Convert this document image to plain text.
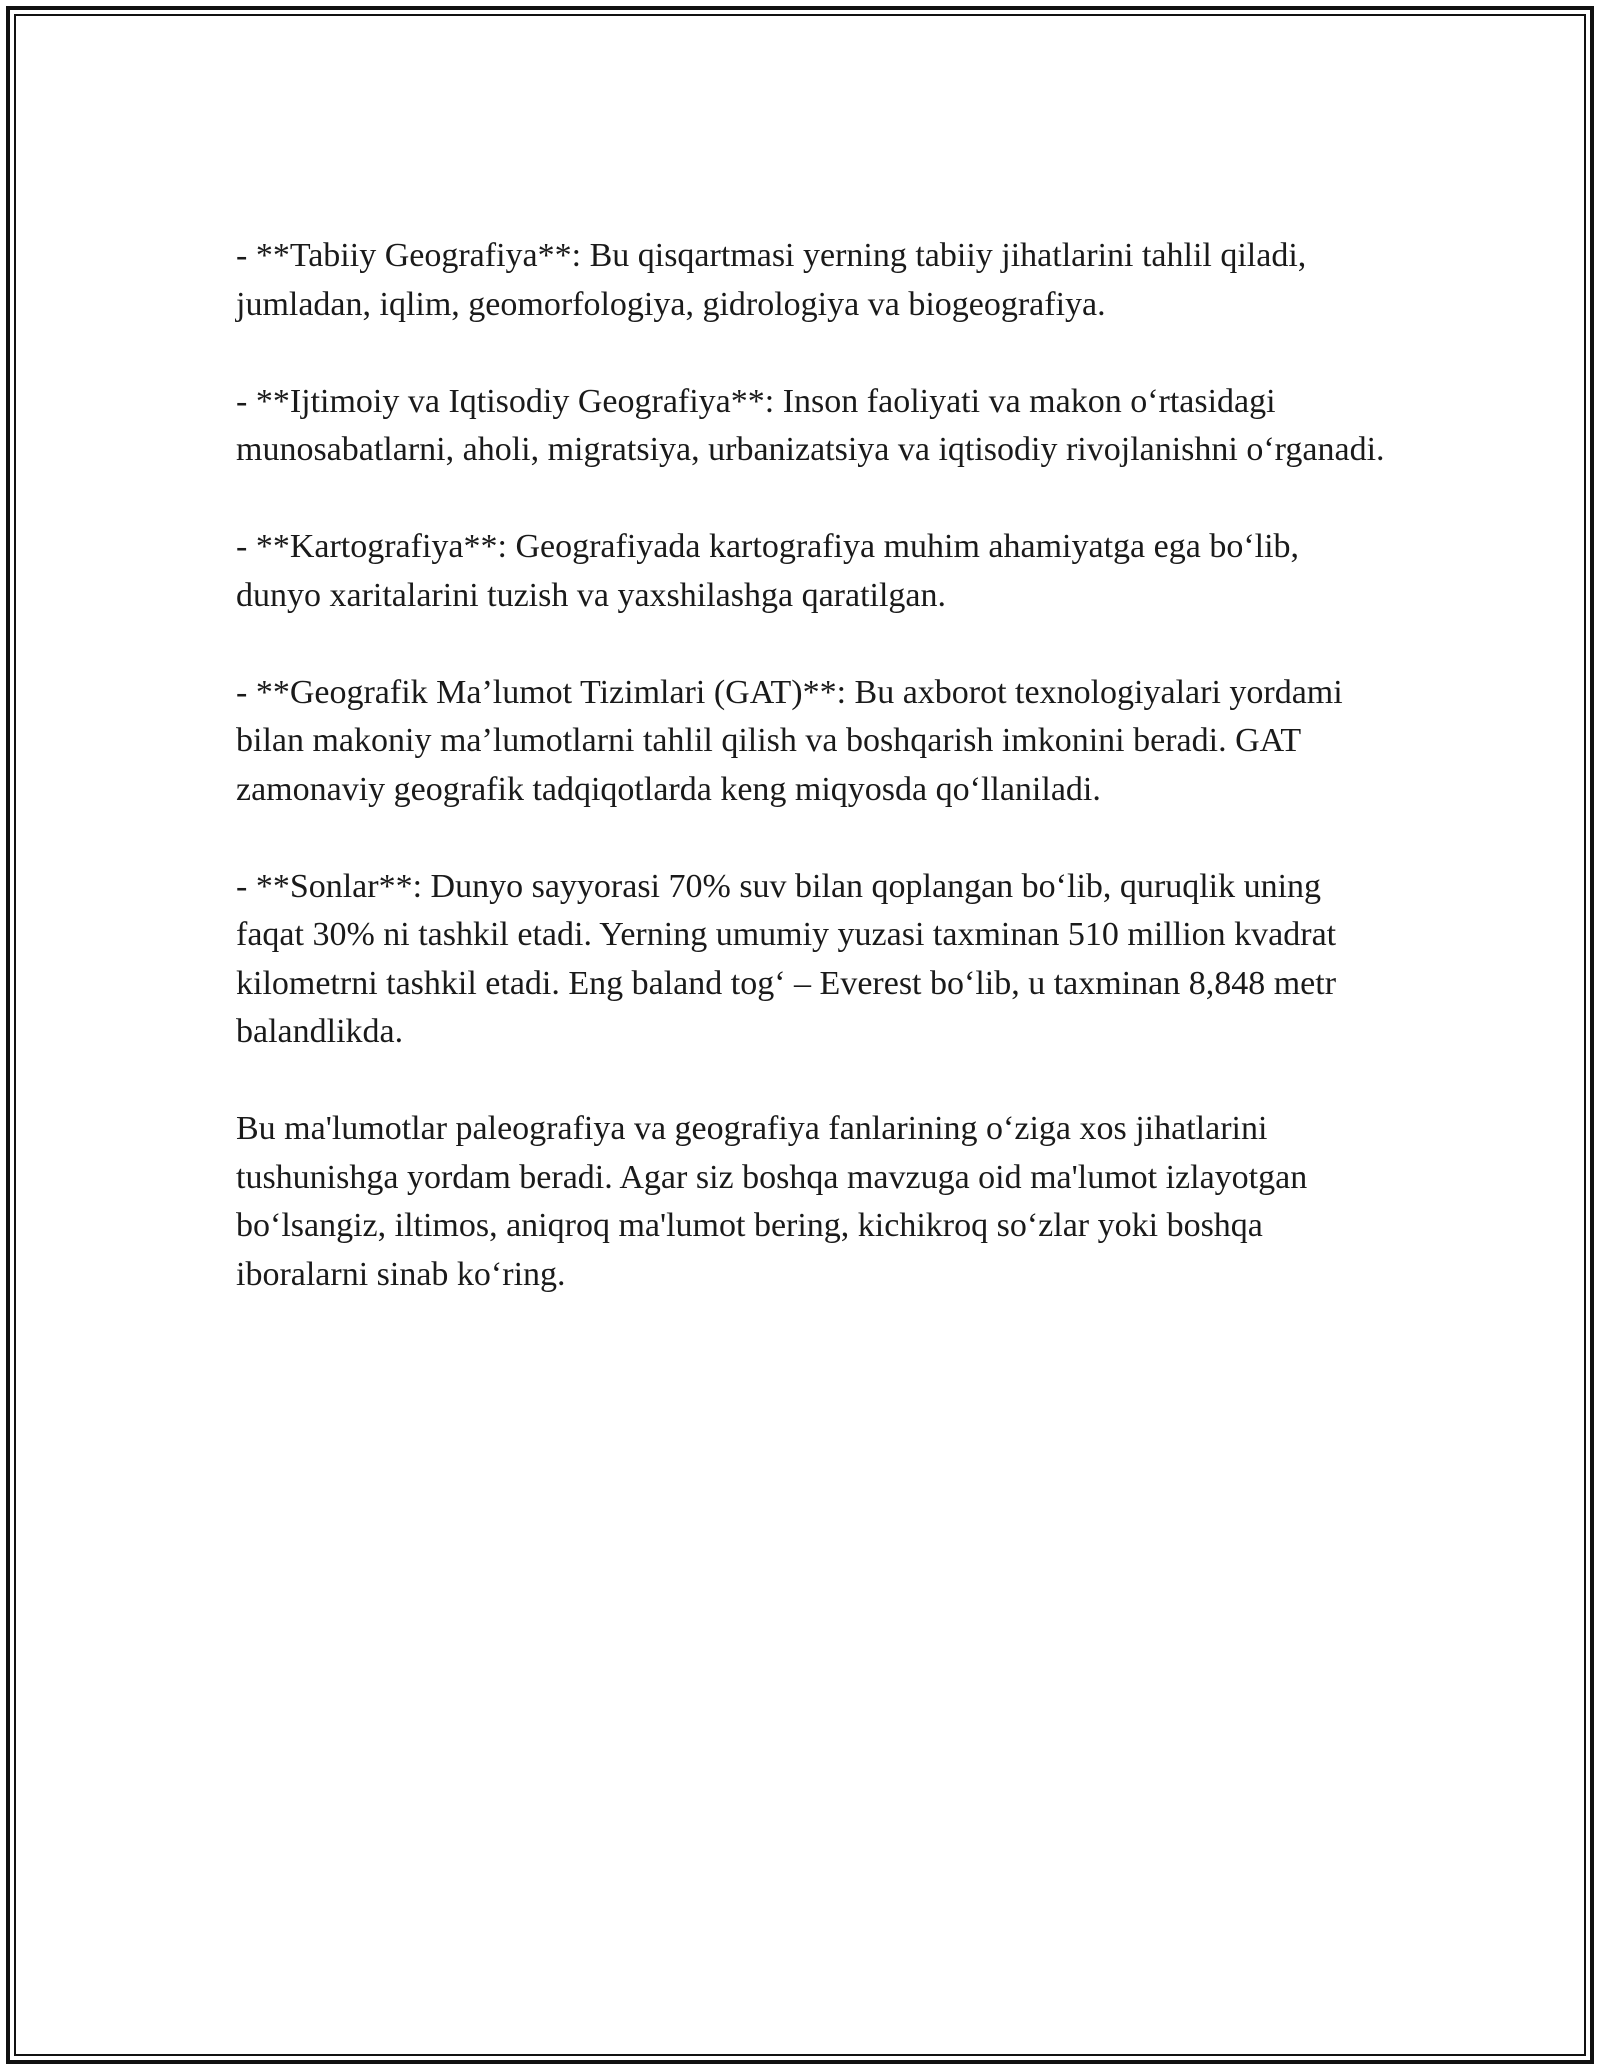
- **Tabiiy Geografiya**: Bu qisqartmasi yerning tabiiy jihatlarini tahlil qiladi, jumladan, iqlim, geomorfologiya, gidrologiya va biogeografiya.

- **Ijtimoiy va Iqtisodiy Geografiya**: Inson faoliyati va makon o‘rtasidagi munosabatlarni, aholi, migratsiya, urbanizatsiya va iqtisodiy rivojlanishni o‘rganadi.

- **Kartografiya**: Geografiyada kartografiya muhim ahamiyatga ega bo‘lib, dunyo xaritalarini tuzish va yaxshilashga qaratilgan.

- **Geografik Ma’lumot Tizimlari (GAT)**: Bu axborot texnologiyalari yordami bilan makoniy ma’lumotlarni tahlil qilish va boshqarish imkonini beradi. GAT zamonaviy geografik tadqiqotlarda keng miqyosda qo‘llaniladi.

- **Sonlar**: Dunyo sayyorasi 70% suv bilan qoplangan bo‘lib, quruqlik uning faqat 30% ni tashkil etadi. Yerning umumiy yuzasi taxminan 510 million kvadrat kilometrni tashkil etadi. Eng baland tog‘ – Everest bo‘lib, u taxminan 8,848 metr balandlikda.

Bu ma'lumotlar paleografiya va geografiya fanlarining o‘ziga xos jihatlarini tushunishga yordam beradi. Agar siz boshqa mavzuga oid ma'lumot izlayotgan bo‘lsangiz, iltimos, aniqroq ma'lumot bering, kichikroq so‘zlar yoki boshqa iboralarni sinab ko‘ring.
